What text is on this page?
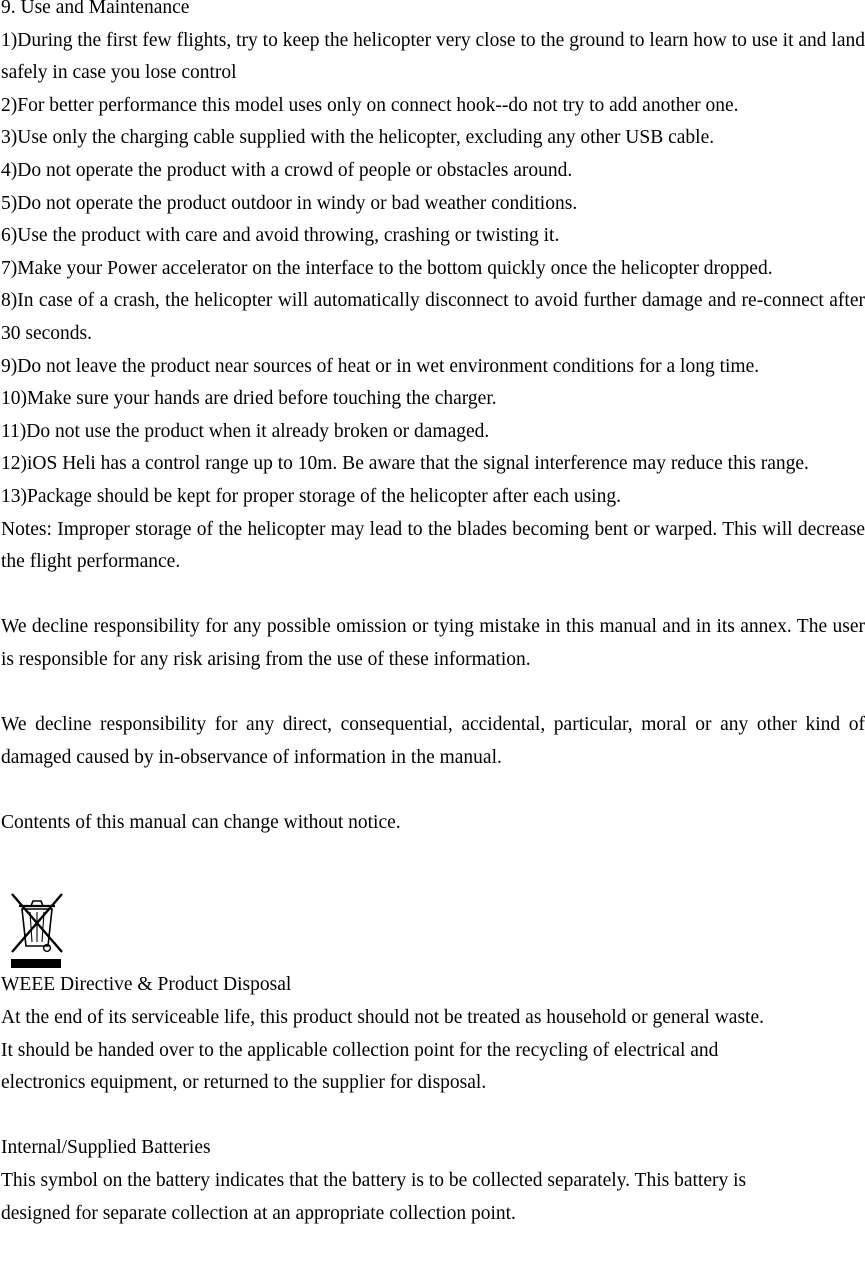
9. Use and Maintenance

1)During the first few flights, try to keep the helicopter very close to the ground to learn how to use it and land safely in case you lose control

2)For better performance this model uses only on connect hook--do not try to add another one.

3)Use only the charging cable supplied with the helicopter, excluding any other USB cable.

4)Do not operate the product with a crowd of people or obstacles around.

5)Do not operate the product outdoor in windy or bad weather conditions.

6)Use the product with care and avoid throwing, crashing or twisting it.

7)Make your Power accelerator on the interface to the bottom quickly once the helicopter dropped.

8)In case of a crash, the helicopter will automatically disconnect to avoid further damage and re-connect after 30 seconds.

9)Do not leave the product near sources of heat or in wet environment conditions for a long time.

10)Make sure your hands are dried before touching the charger.

11)Do not use the product when it already broken or damaged.

12)iOS Heli has a control range up to 10m. Be aware that the signal interference may reduce this range.

13)Package should be kept for proper storage of the helicopter after each using.

Notes: Improper storage of the helicopter may lead to the blades becoming bent or warped. This will decrease the flight performance.

We decline responsibility for any possible omission or tying mistake in this manual and in its annex. The user is responsible for any risk arising from the use of these information.

We decline responsibility for any direct, consequential, accidental, particular, moral or any other kind of damaged caused by in-observance of information in the manual.

Contents of this manual can change without notice.

WEEE Directive & Product Disposal

At the end of its serviceable life, this product should not be treated as household or general waste.

It should be handed over to the applicable collection point for the recycling of electrical and

electronics equipment, or returned to the supplier for disposal.

Internal/Supplied Batteries

This symbol on the battery indicates that the battery is to be collected separately. This battery is

designed for separate collection at an appropriate collection point.
